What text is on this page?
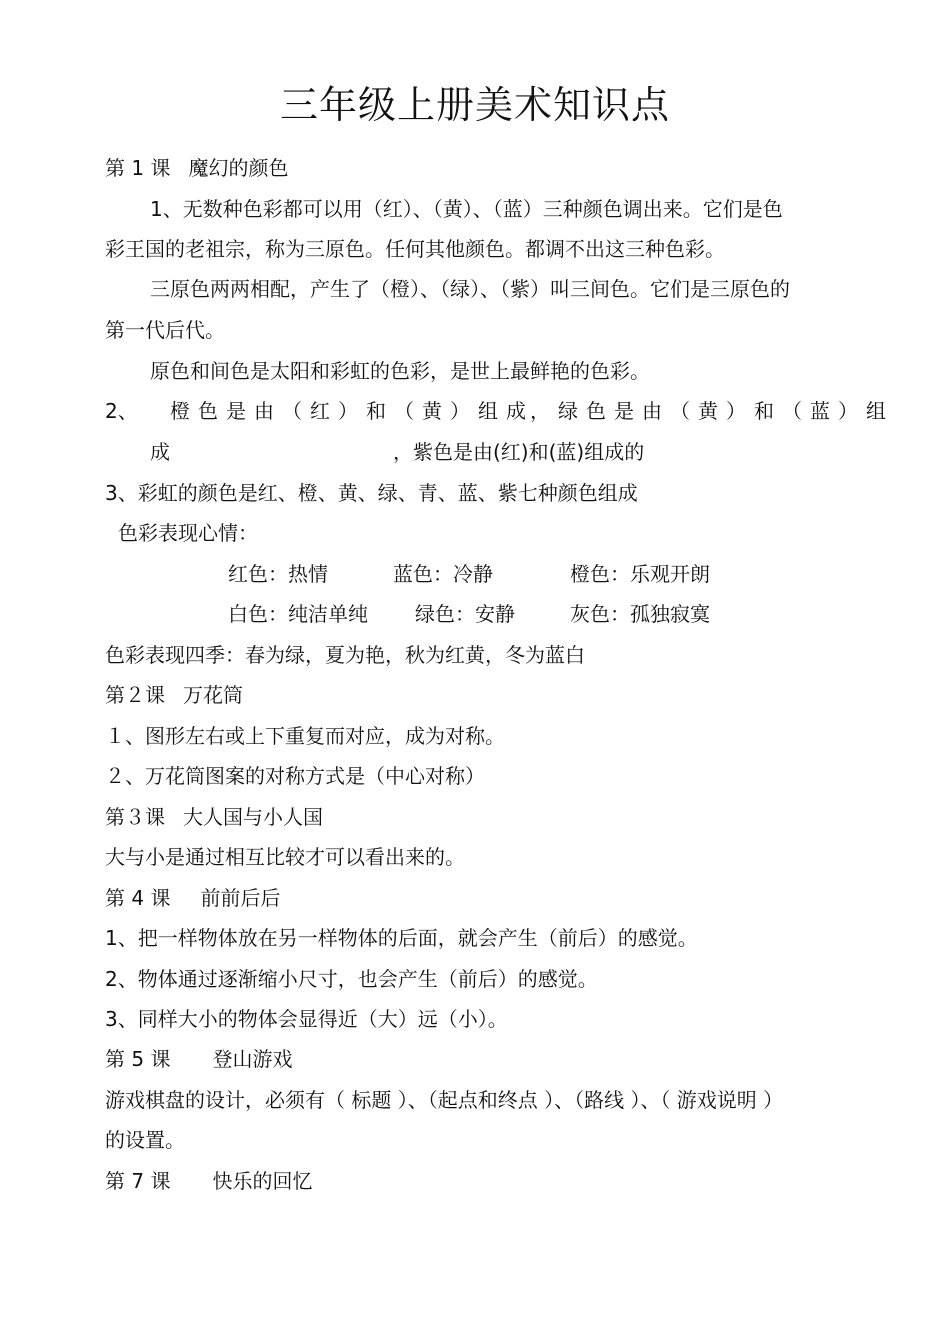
三年级上册美术知识点
第 1 课 魔幻的颜色
1、无数种色彩都可以用（红）、（黄）、（蓝）三种颜色调出来。它们是色
彩王国的老祖宗，称为三原色。任何其他颜色。都调不出这三种色彩。
三原色两两相配，产生了（橙）、（绿）、（紫）叫三间色。它们是三原色的
第一代后代。
原色和间色是太阳和彩虹的色彩，是世上最鲜艳的色彩。
2、 橙色是由（红）和（黄）组成
，绿色是由（黄）和（蓝）组
成	，紫色是由(红)和(蓝)组成的
3、彩虹的颜色是红、橙、黄、绿、青、蓝、紫七种颜色组成
色彩表现心情：
红色：热情	蓝色：冷静	橙色：乐观开朗
白色：纯洁单纯 绿色：安静	灰色：孤独寂寞
色彩表现四季：春为绿，夏为艳，秋为红黄，冬为蓝白
第２课 万花筒
１、图形左右或上下重复而对应，成为对称。
２、万花筒图案的对称方式是（中心对称）
第３课 大人国与小人国
大与小是通过相互比较才可以看出来的。
第 4 课 前前后后
1、把一样物体放在另一样物体的后面，就会产生（前后）的感觉。
2、物体通过逐渐缩小尺寸，也会产生（前后）的感觉。
3、同样大小的物体会显得近（大）远（小）。
第 5 课 登山游戏
游戏棋盘的设计，必须有（ 标题 ）、（起点和终点 ）、（路线 ）、（ 游戏说明 ）
的设置。
第 7 课 快乐的回忆
